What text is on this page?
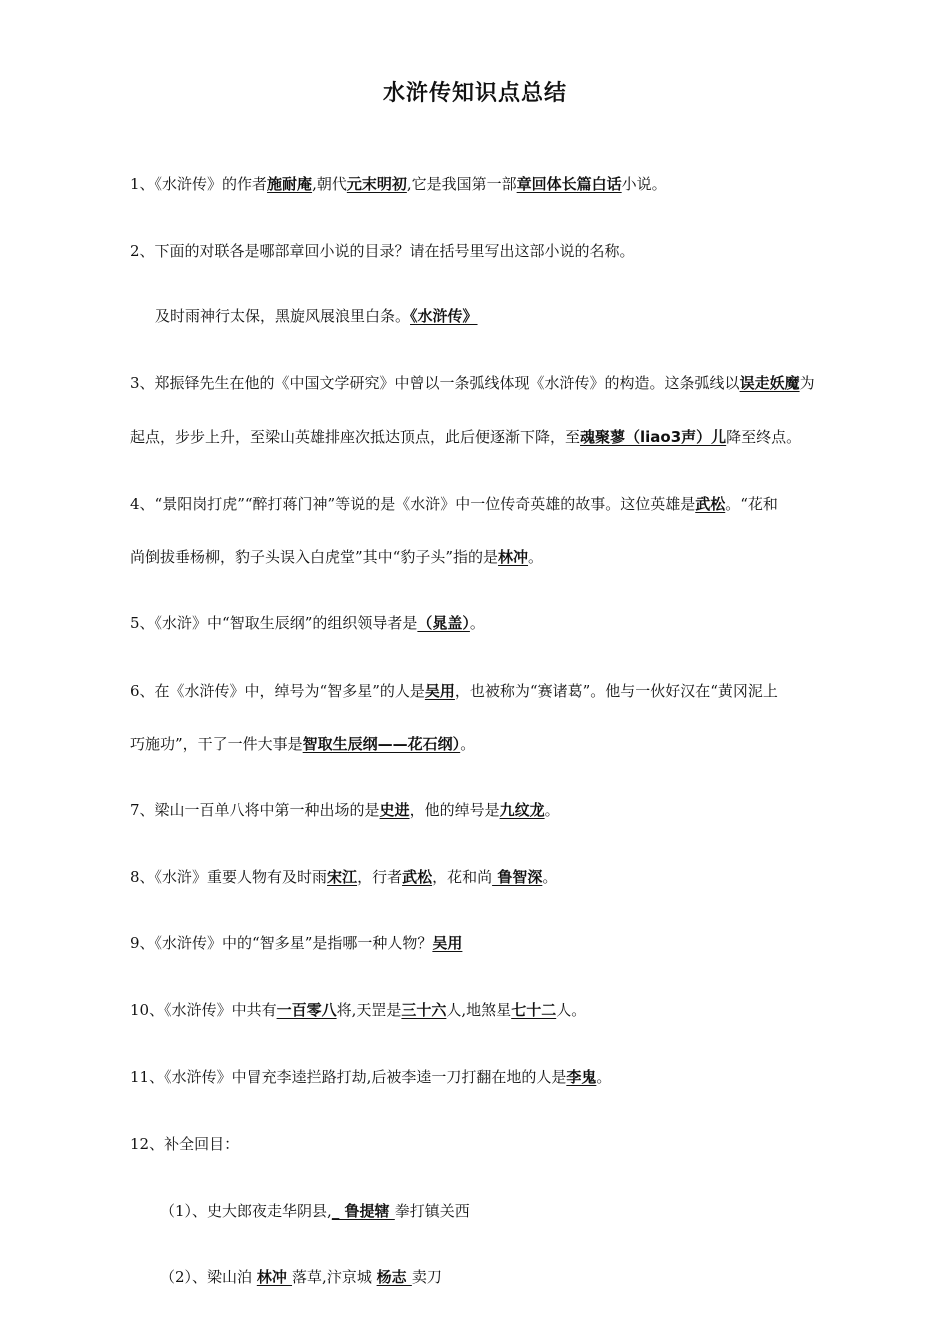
水浒传知识点总结
1、《水浒传》的作者施耐庵,朝代元末明初,它是我国第一部章回体长篇白话小说。
2、下面的对联各是哪部章回小说的目录？请在括号里写出这部小说的名称。
及时雨神行太保，黑旋风展浪里白条。《水浒传》
3、郑振铎先生在他的《中国文学研究》中曾以一条弧线体现《水浒传》的构造。这条弧线以误走妖魔为
起点，步步上升，至梁山英雄排座次抵达顶点，此后便逐渐下降，至魂聚蓼（liao3声）儿降至终点。
4、“景阳岗打虎”“醉打蒋门神”等说的是《水浒》中一位传奇英雄的故事。这位英雄是武松。“花和
尚倒拔垂杨柳，豹子头误入白虎堂”其中“豹子头”指的是林冲。
5、《水浒》中“智取生辰纲”的组织领导者是（晁盖）。
6、在《水浒传》中，绰号为“智多星”的人是吴用，也被称为“赛诸葛”。他与一伙好汉在“黄冈泥上
巧施功”，干了一件大事是智取生辰纲——花石纲）。
7、梁山一百单八将中第一种出场的是史进，他的绰号是九纹龙。
8、《水浒》重要人物有及时雨宋江，行者武松，花和尚 鲁智深。
9、《水浒传》中的“智多星”是指哪一种人物？吴用
10、《水浒传》中共有一百零八将,天罡是三十六人,地煞星七十二人。
11、《水浒传》中冒充李逵拦路打劫,后被李逵一刀打翻在地的人是李鬼。
12、补全回目：
（1）、史大郎夜走华阴县,_ 鲁提辖 拳打镇关西
（2）、梁山泊 林冲 落草,汴京城 杨志 卖刀
